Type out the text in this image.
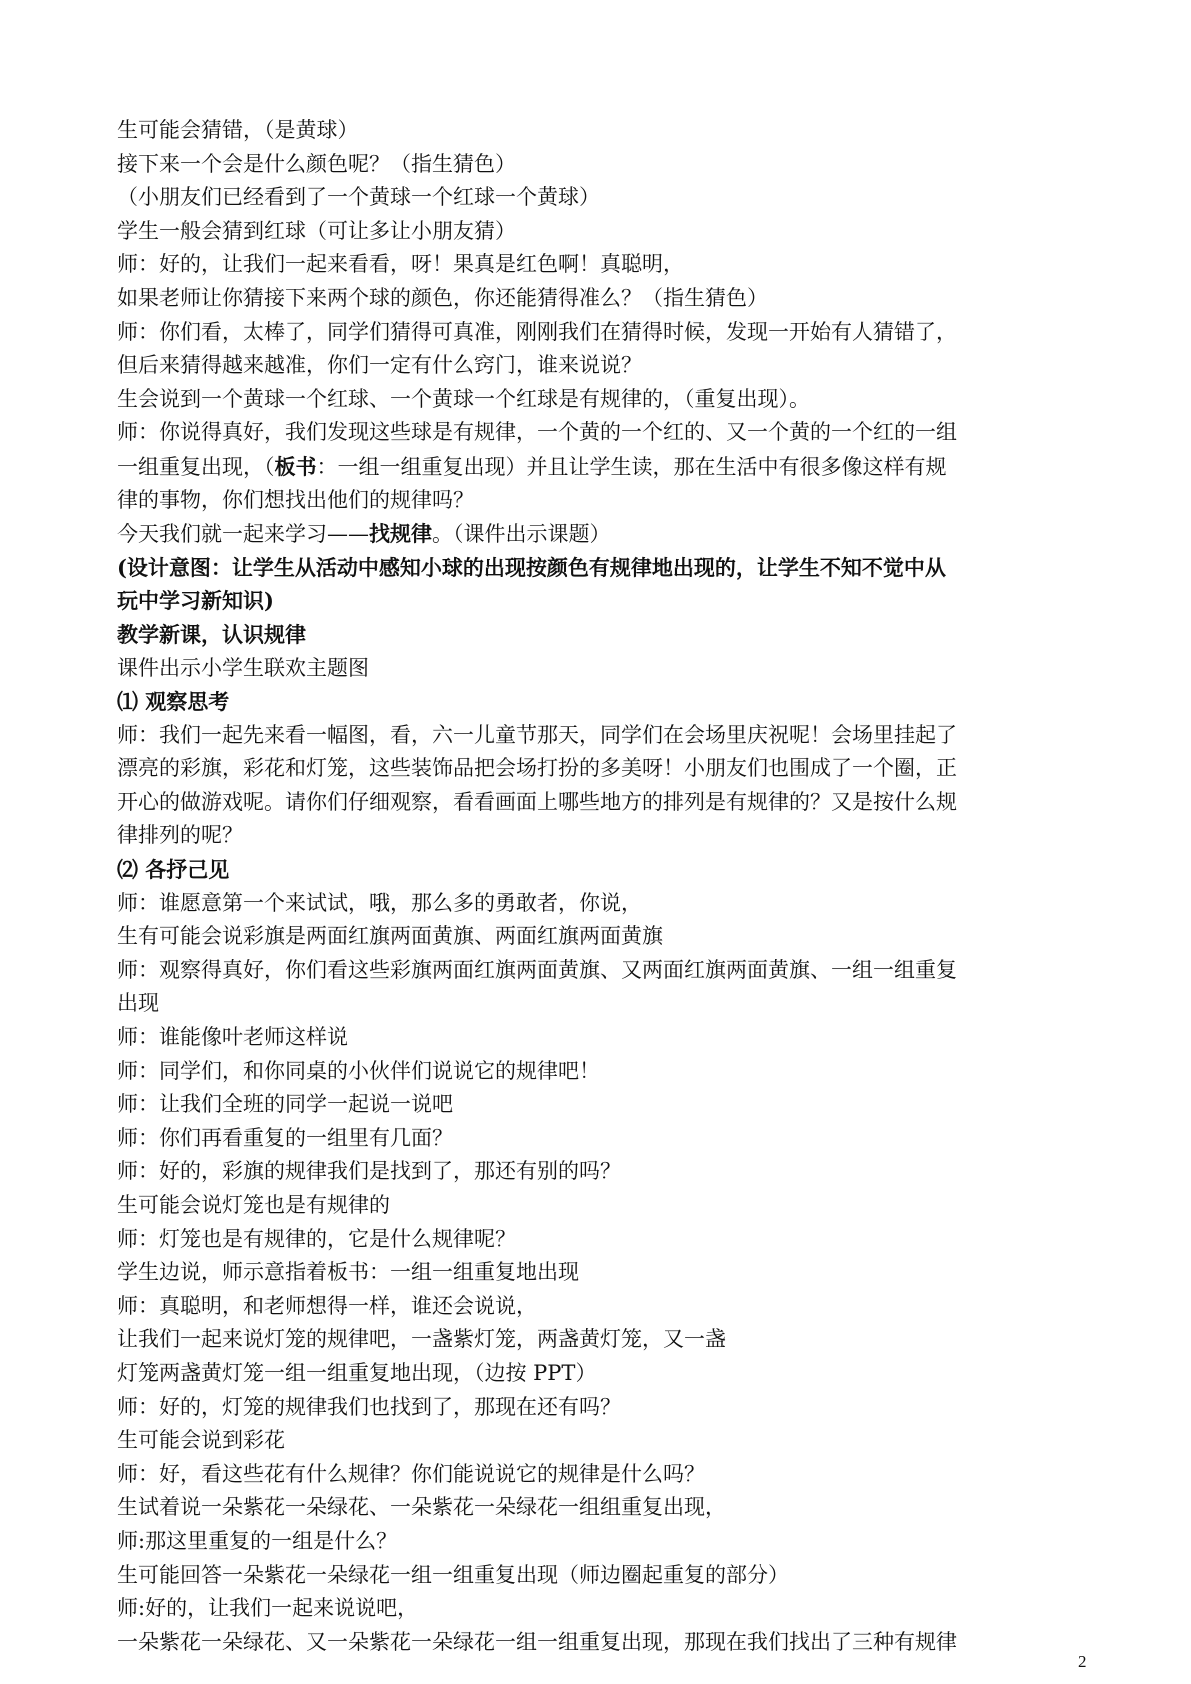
生可能会猜错，（是黄球）
接下来一个会是什么颜色呢？（指生猜色）
（小朋友们已经看到了一个黄球一个红球一个黄球）
学生一般会猜到红球（可让多让小朋友猜）
师：好的，让我们一起来看看，呀！果真是红色啊！真聪明，
如果老师让你猜接下来两个球的颜色，你还能猜得准么？（指生猜色）
师：你们看，太棒了，同学们猜得可真准，刚刚我们在猜得时候，发现一开始有人猜错了，
但后来猜得越来越准，你们一定有什么窍门，谁来说说？
生会说到一个黄球一个红球、一个黄球一个红球是有规律的，（重复出现）。
师：你说得真好，我们发现这些球是有规律，一个黄的一个红的、又一个黄的一个红的一组
一组重复出现，（板书：一组一组重复出现）并且让学生读，那在生活中有很多像这样有规
律的事物，你们想找出他们的规律吗？
今天我们就一起来学习——找规律。（课件出示课题）
(设计意图：让学生从活动中感知小球的出现按颜色有规律地出现的，让学生不知不觉中从
玩中学习新知识)
教学新课，认识规律
课件出示小学生联欢主题图
⑴ 观察思考
师：我们一起先来看一幅图，看，六一儿童节那天，同学们在会场里庆祝呢！会场里挂起了
漂亮的彩旗，彩花和灯笼，这些装饰品把会场打扮的多美呀！小朋友们也围成了一个圈，正
开心的做游戏呢。请你们仔细观察，看看画面上哪些地方的排列是有规律的？又是按什么规
律排列的呢？
⑵ 各抒己见
师：谁愿意第一个来试试，哦，那么多的勇敢者，你说，
生有可能会说彩旗是两面红旗两面黄旗、两面红旗两面黄旗
师：观察得真好，你们看这些彩旗两面红旗两面黄旗、又两面红旗两面黄旗、一组一组重复
出现
师：谁能像叶老师这样说
师：同学们，和你同桌的小伙伴们说说它的规律吧！
师：让我们全班的同学一起说一说吧
师：你们再看重复的一组里有几面？
师：好的，彩旗的规律我们是找到了，那还有别的吗？
生可能会说灯笼也是有规律的
师：灯笼也是有规律的，它是什么规律呢？
学生边说，师示意指着板书：一组一组重复地出现
师：真聪明，和老师想得一样，谁还会说说，
让我们一起来说灯笼的规律吧，一盏紫灯笼，两盏黄灯笼，又一盏
灯笼两盏黄灯笼一组一组重复地出现，（边按 PPT）
师：好的，灯笼的规律我们也找到了，那现在还有吗？
生可能会说到彩花
师：好，看这些花有什么规律？你们能说说它的规律是什么吗？
生试着说一朵紫花一朵绿花、一朵紫花一朵绿花一组组重复出现，
师:那这里重复的一组是什么？
生可能回答一朵紫花一朵绿花一组一组重复出现（师边圈起重复的部分）
师:好的，让我们一起来说说吧，
一朵紫花一朵绿花、又一朵紫花一朵绿花一组一组重复出现，那现在我们找出了三种有规律
2
